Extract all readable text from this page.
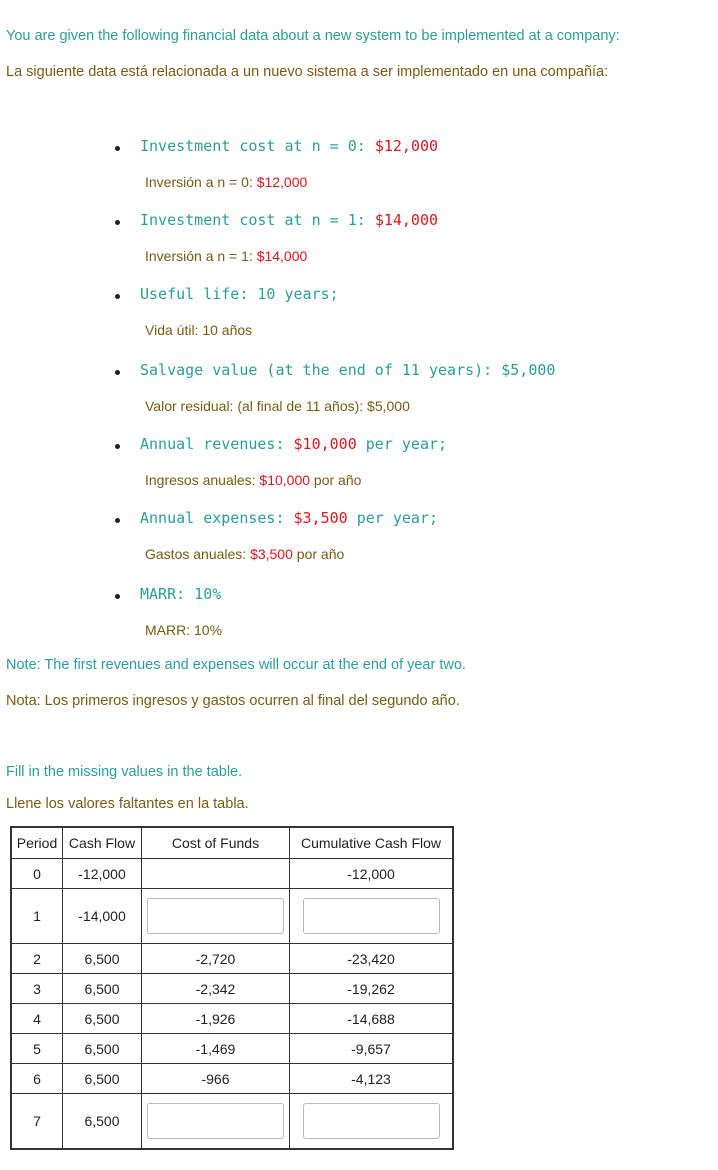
You are given the following financial data about a new system to be implemented at a company:

La siguiente data está relacionada a un nuevo sistema a ser implementado en una compañía:

Investment cost at n = 0: $12,000
Inversión a n = 0: $12,000
Investment cost at n = 1: $14,000
Inversión a n = 1: $14,000
Useful life: 10 years;
Vida útil: 10 años
Salvage value (at the end of 11 years): $5,000
Valor residual: (al final de 11 años): $5,000
Annual revenues: $10,000 per year;
Ingresos anuales: $10,000 por año
Annual expenses: $3,500 per year;
Gastos anuales: $3,500 por año
MARR: 10%
MARR: 10%
Note: The first revenues and expenses will occur at the end of year two.
Nota: Los primeros ingresos y gastos ocurren al final del segundo año.
Fill in the missing values in the table.
Llene los valores faltantes en la tabla.
Period	Cash Flow	Cost of Funds	Cumulative Cash Flow
0	-12,000		-12,000
1	-14,000	

2	6,500	-2,720	-23,420
3	6,500	-2,342	-19,262
4	6,500	-1,926	-14,688
5	6,500	-1,469	-9,657
6	6,500	-966	-4,123
7	6,500	
